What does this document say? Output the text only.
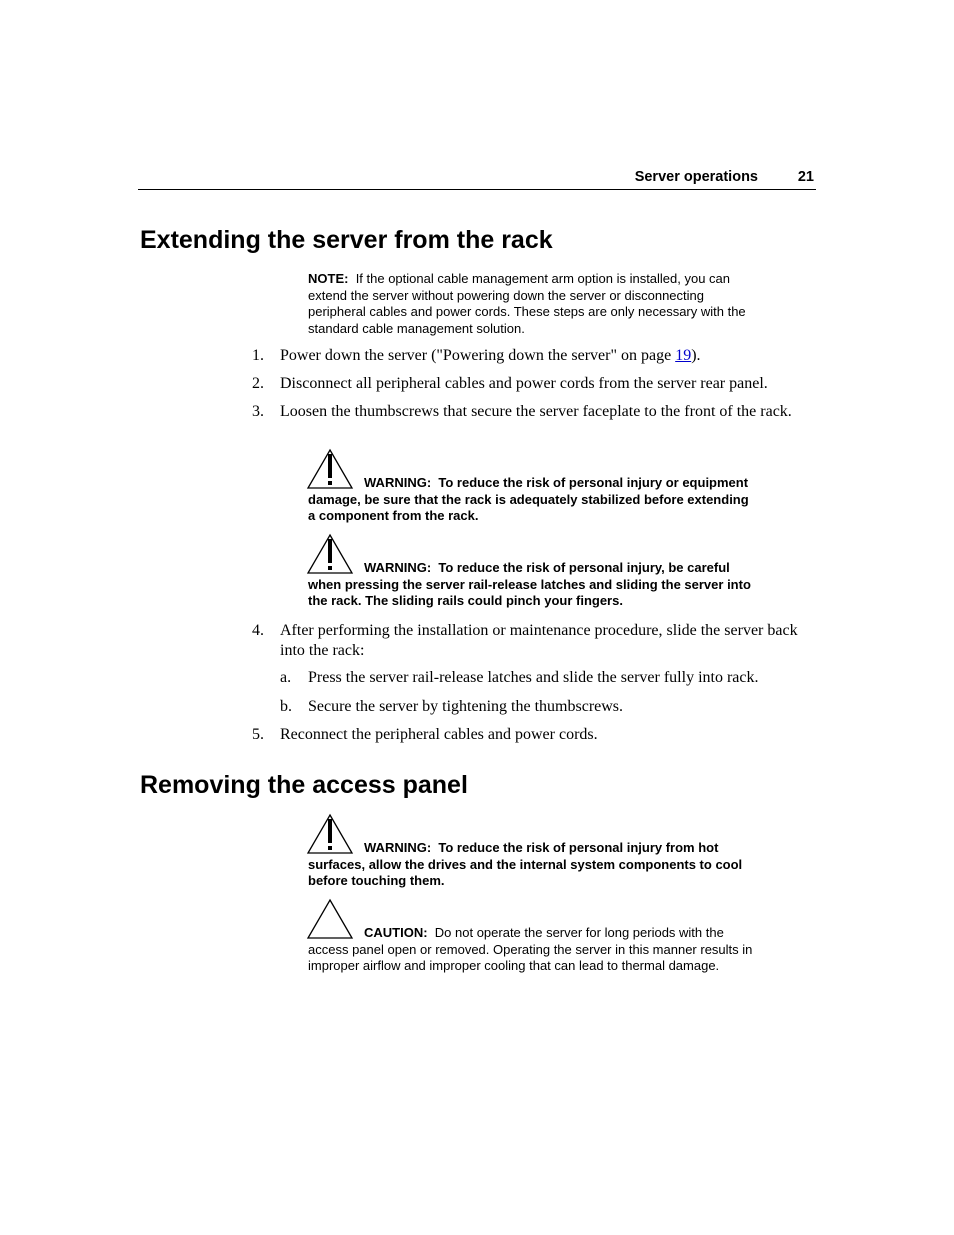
Server operations	21
Extending the server from the rack
NOTE: If the optional cable management arm option is installed, you can extend the server without powering down the server or disconnecting peripheral cables and power cords. These steps are only necessary with the standard cable management solution.
1. Power down the server ("Powering down the server" on page 19).
2. Disconnect all peripheral cables and power cords from the server rear panel.
3. Loosen the thumbscrews that secure the server faceplate to the front of the rack.
WARNING: To reduce the risk of personal injury or equipment damage, be sure that the rack is adequately stabilized before extending a component from the rack.
WARNING: To reduce the risk of personal injury, be careful when pressing the server rail-release latches and sliding the server into the rack. The sliding rails could pinch your fingers.
4. After performing the installation or maintenance procedure, slide the server back into the rack:
a. Press the server rail-release latches and slide the server fully into rack.
b. Secure the server by tightening the thumbscrews.
5. Reconnect the peripheral cables and power cords.
Removing the access panel
WARNING: To reduce the risk of personal injury from hot surfaces, allow the drives and the internal system components to cool before touching them.
CAUTION: Do not operate the server for long periods with the access panel open or removed. Operating the server in this manner results in improper airflow and improper cooling that can lead to thermal damage.
